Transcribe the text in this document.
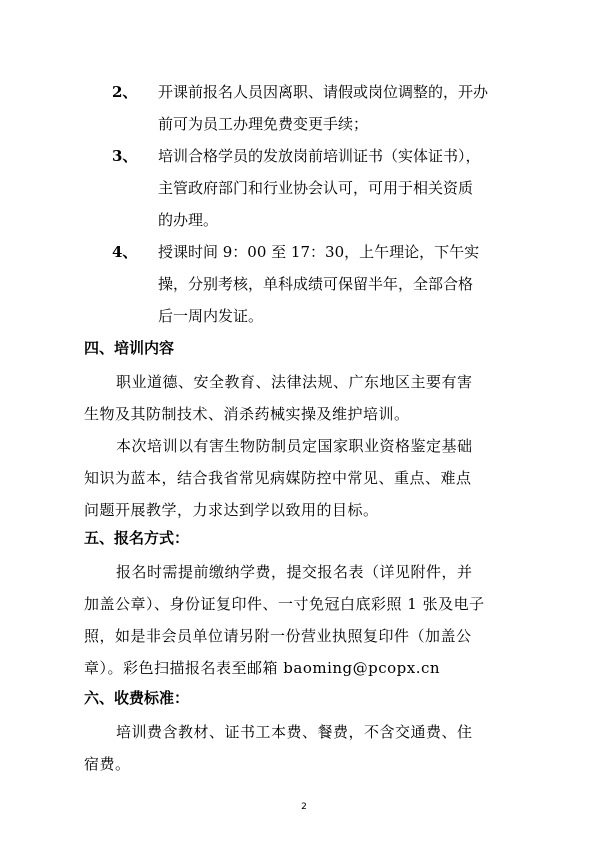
2、 开课前报名人员因离职、请假或岗位调整的，开办
前可为员工办理免费变更手续；
3、 培训合格学员的发放岗前培训证书（实体证书），
主管政府部门和行业协会认可，可用于相关资质
的办理。
4、 授课时间 9：00 至 17：30，上午理论，下午实
操，分别考核，单科成绩可保留半年，全部合格
后一周内发证。
四、培训内容
职业道德、安全教育、法律法规、广东地区主要有害
生物及其防制技术、消杀药械实操及维护培训。
本次培训以有害生物防制员定国家职业资格鉴定基础
知识为蓝本，结合我省常见病媒防控中常见、重点、难点
问题开展教学，力求达到学以致用的目标。
五、报名方式：
报名时需提前缴纳学费，提交报名表（详见附件，并
加盖公章）、身份证复印件、一寸免冠白底彩照 1 张及电子
照，如是非会员单位请另附一份营业执照复印件（加盖公
章）。彩色扫描报名表至邮箱 baoming@pcopx.cn
六、收费标准：
培训费含教材、证书工本费、餐费，不含交通费、住
宿费。
2
